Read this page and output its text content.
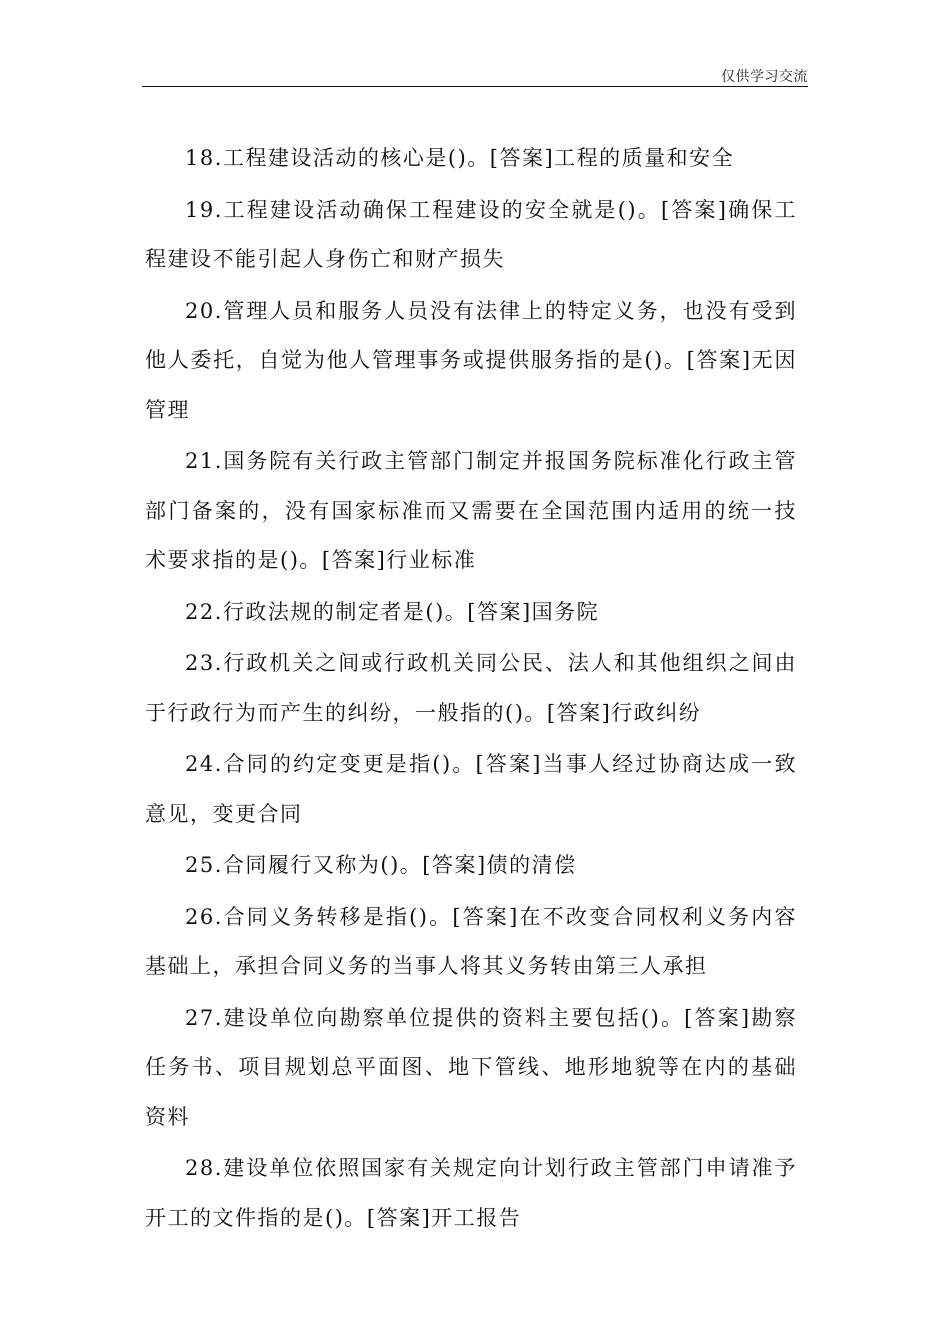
仅供学习交流

18.工程建设活动的核心是()。[答案]工程的质量和安全

19.工程建设活动确保工程建设的安全就是()。[答案]确保工程建设不能引起人身伤亡和财产损失

20.管理人员和服务人员没有法律上的特定义务，也没有受到他人委托，自觉为他人管理事务或提供服务指的是()。[答案]无因管理

21.国务院有关行政主管部门制定并报国务院标准化行政主管部门备案的，没有国家标准而又需要在全国范围内适用的统一技术要求指的是()。[答案]行业标准

22.行政法规的制定者是()。[答案]国务院

23.行政机关之间或行政机关同公民、法人和其他组织之间由于行政行为而产生的纠纷，一般指的()。[答案]行政纠纷

24.合同的约定变更是指()。[答案]当事人经过协商达成一致意见，变更合同

25.合同履行又称为()。[答案]债的清偿

26.合同义务转移是指()。[答案]在不改变合同权利义务内容基础上，承担合同义务的当事人将其义务转由第三人承担

27.建设单位向勘察单位提供的资料主要包括()。[答案]勘察任务书、项目规划总平面图、地下管线、地形地貌等在内的基础资料

28.建设单位依照国家有关规定向计划行政主管部门申请准予开工的文件指的是()。[答案]开工报告
